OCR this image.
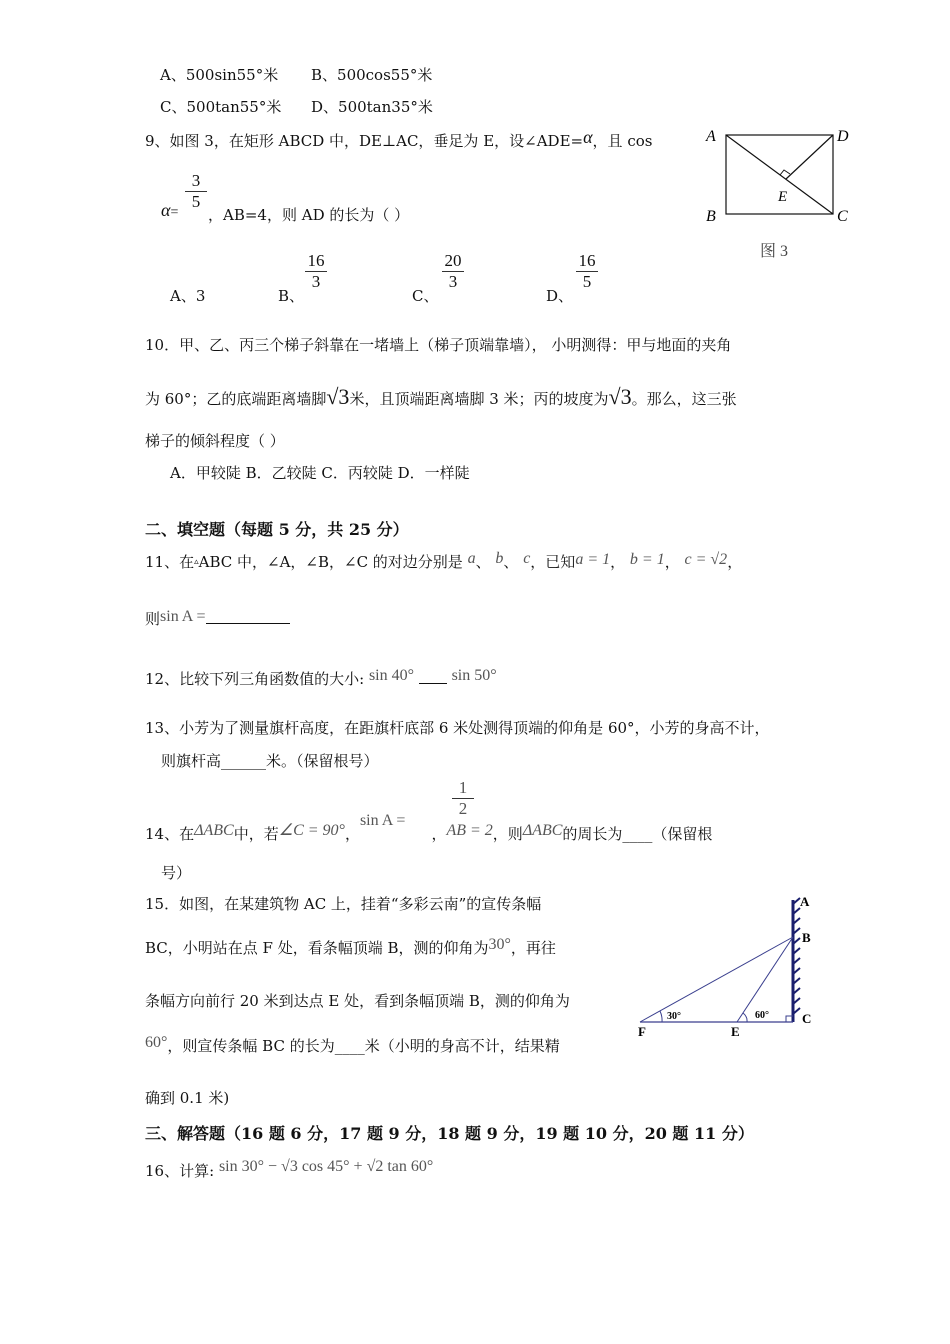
A、500sin55°米 B、500cos55°米
C、500tan55°米 D、500tan35°米
9、如图 3，在矩形 ABCD 中，DE⊥AC，垂足为 E，设∠ADE=α，且 cos
α=
3
5
，AB=4，则 AD 的长为（ ）
A	D
B	C
E
图 3
A、3	B、
16
3
C、
20
3
D、
16
5
10．甲、乙、丙三个梯子斜靠在一堵墙上（梯子顶端靠墙）， 小明测得：甲与地面的夹角
为 60°；乙的底端距离墙脚√3米，且顶端距离墙脚 3 米；丙的坡度为√3。那么，这三张
梯子的倾斜程度（ ）
A．甲较陡 B．乙较陡 C．丙较陡 D．一样陡
二、填空题（每题 5 分，共 25 分）
11、在▵ABC 中，∠A，∠B，∠C 的对边分别是 a、 b、 c，已知a = 1， b = 1， c = √2，
则sin A =
12、比较下列三角函数值的大小: sin 40° sin 50°
13、小芳为了测量旗杆高度，在距旗杆底部 6 米处测得顶端的仰角是 60°，小芳的身高不计，
则旗杆高______米。（保留根号）
14、在ΔABC中，若∠C = 90°，sin A =，AB = 2，则ΔABC的周长为____（保留根
1
2
号）
15．如图，在某建筑物 AC 上，挂着“多彩云南”的宣传条幅
BC，小明站在点 F 处，看条幅顶端 B，测的仰角为30°，再往
条幅方向前行 20 米到达点 E 处，看到条幅顶端 B，测的仰角为
60°，则宣传条幅 BC 的长为____米（小明的身高不计，结果精
确到 0.1 米)
30°	60°
A
B
C
E
F
三、解答题（16 题 6 分，17 题 9 分，18 题 9 分，19 题 10 分，20 题 11 分）
16、计算: sin 30° − √3 cos 45° + √2 tan 60°
